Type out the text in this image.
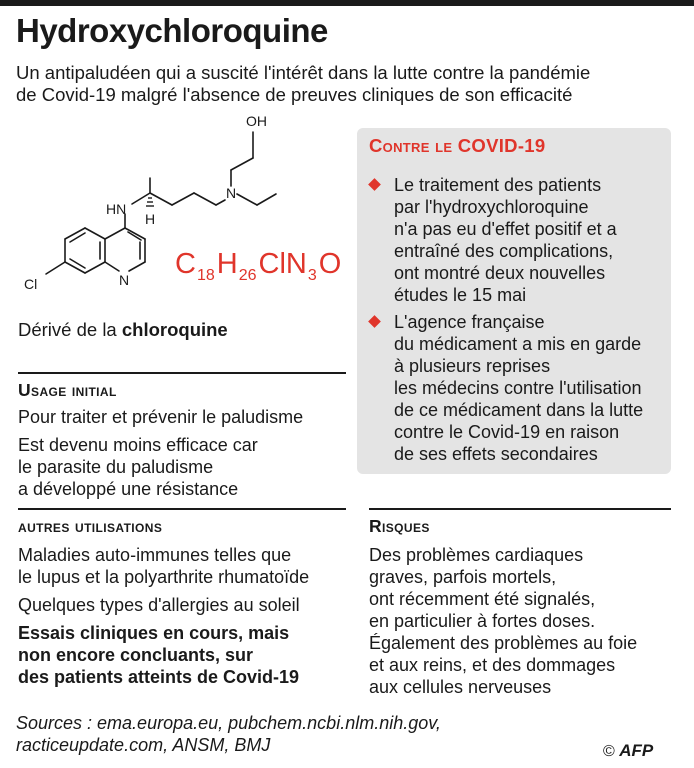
Hydroxychloroquine
Un antipaludéen qui a suscité l'intérêt dans la lutte contre la pandémie
de Covid-19 malgré l'absence de preuves cliniques de son efficacité
OH
N
HN
H
N
Cl
$C_{18}H_{26}ClN_3O$
Dérivé de la chloroquine
Usage initial
Pour traiter et prévenir le paludisme
Est devenu moins efficace car
le parasite du paludisme
a développé une résistance
Contre le COVID-19
Le traitement des patients
par l'hydroxychloroquine
n'a pas eu d'effet positif et a
entraîné des complications,
ont montré deux nouvelles
études le 15 mai
L'agence française
du médicament a mis en garde
à plusieurs reprises
les médecins contre l'utilisation
de ce médicament dans la lutte
contre le Covid-19 en raison
de ses effets secondaires
autres utilisations
Maladies auto-immunes telles que
le lupus et la polyarthrite rhumatoïde
Quelques types d'allergies au soleil
Essais cliniques en cours, mais
non encore concluants, sur
des patients atteints de Covid-19
Risques
Des problèmes cardiaques
graves, parfois mortels,
ont récemment été signalés,
en particulier à fortes doses.
Également des problèmes au foie
et aux reins, et des dommages
aux cellules nerveuses
Sources : ema.europa.eu, pubchem.ncbi.nlm.nih.gov,
racticeupdate.com, ANSM, BMJ	© AFP
